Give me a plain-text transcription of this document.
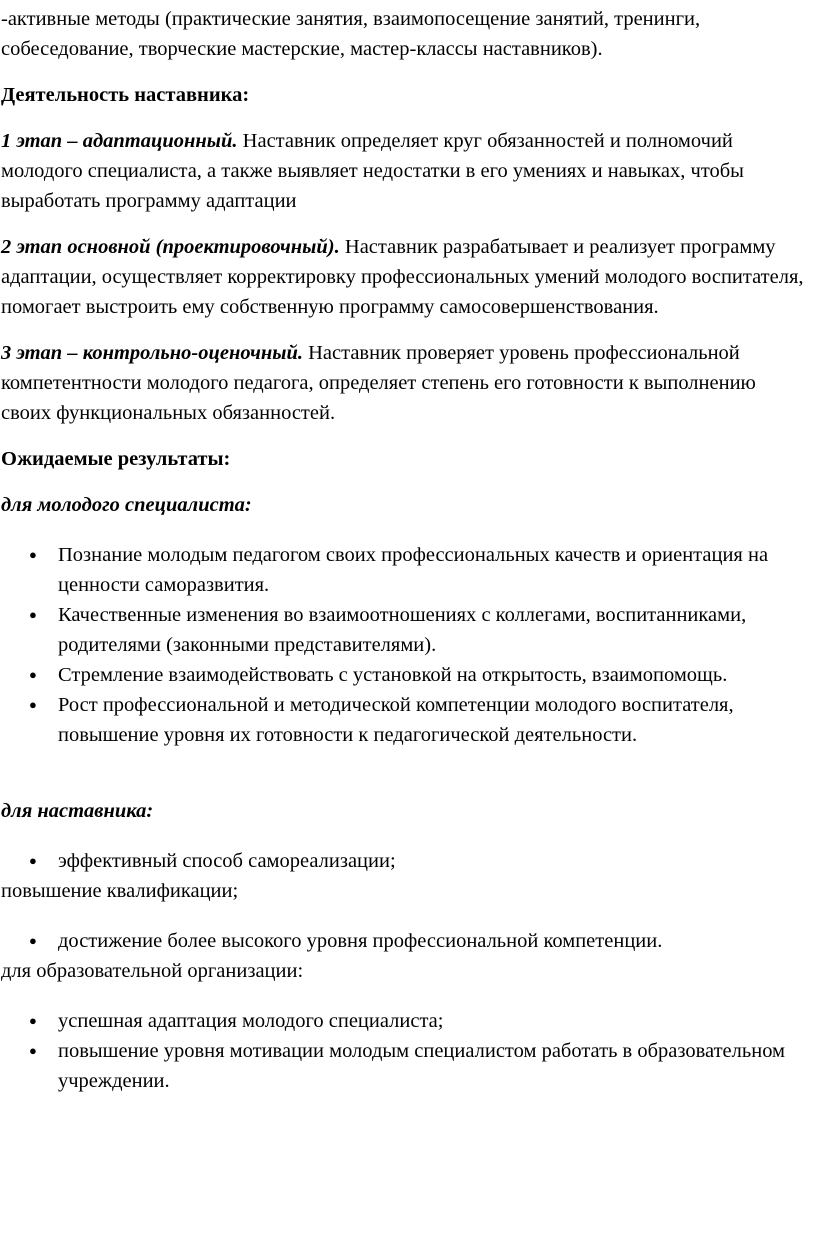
-активные методы (практические занятия, взаимопосещение занятий, тренинги, собеседование, творческие мастерские, мастер-классы наставников).

Деятельность наставника:

1 этап – адаптационный. Наставник определяет круг обязанностей и полномочий молодого специалиста, а также выявляет недостатки в его умениях и навыках, чтобы выработать программу адаптации

2 этап основной (проектировочный). Наставник разрабатывает и реализует программу адаптации, осуществляет корректировку профессиональных умений молодого воспитателя, помогает выстроить ему собственную программу самосовершенствования.

3 этап – контрольно-оценочный. Наставник проверяет уровень профессиональной компетентности молодого педагога, определяет степень его готовности к выполнению своих функциональных обязанностей.

Ожидаемые результаты:

для молодого специалиста:

● Познание молодым педагогом своих профессиональных качеств и ориентация на ценности саморазвития.
● Качественные изменения во взаимоотношениях с коллегами, воспитанниками, родителями (законными представителями).
● Стремление взаимодействовать с установкой на открытость, взаимопомощь.
● Рост профессиональной и методической компетенции молодого воспитателя, повышение уровня их готовности к педагогической деятельности.

для наставника:

● эффективный способ самореализации;
повышение квалификации;
● достижение более высокого уровня профессиональной компетенции.
для образовательной организации:
● успешная адаптация молодого специалиста;
● повышение уровня мотивации молодым специалистом работать в образовательном учреждении.
